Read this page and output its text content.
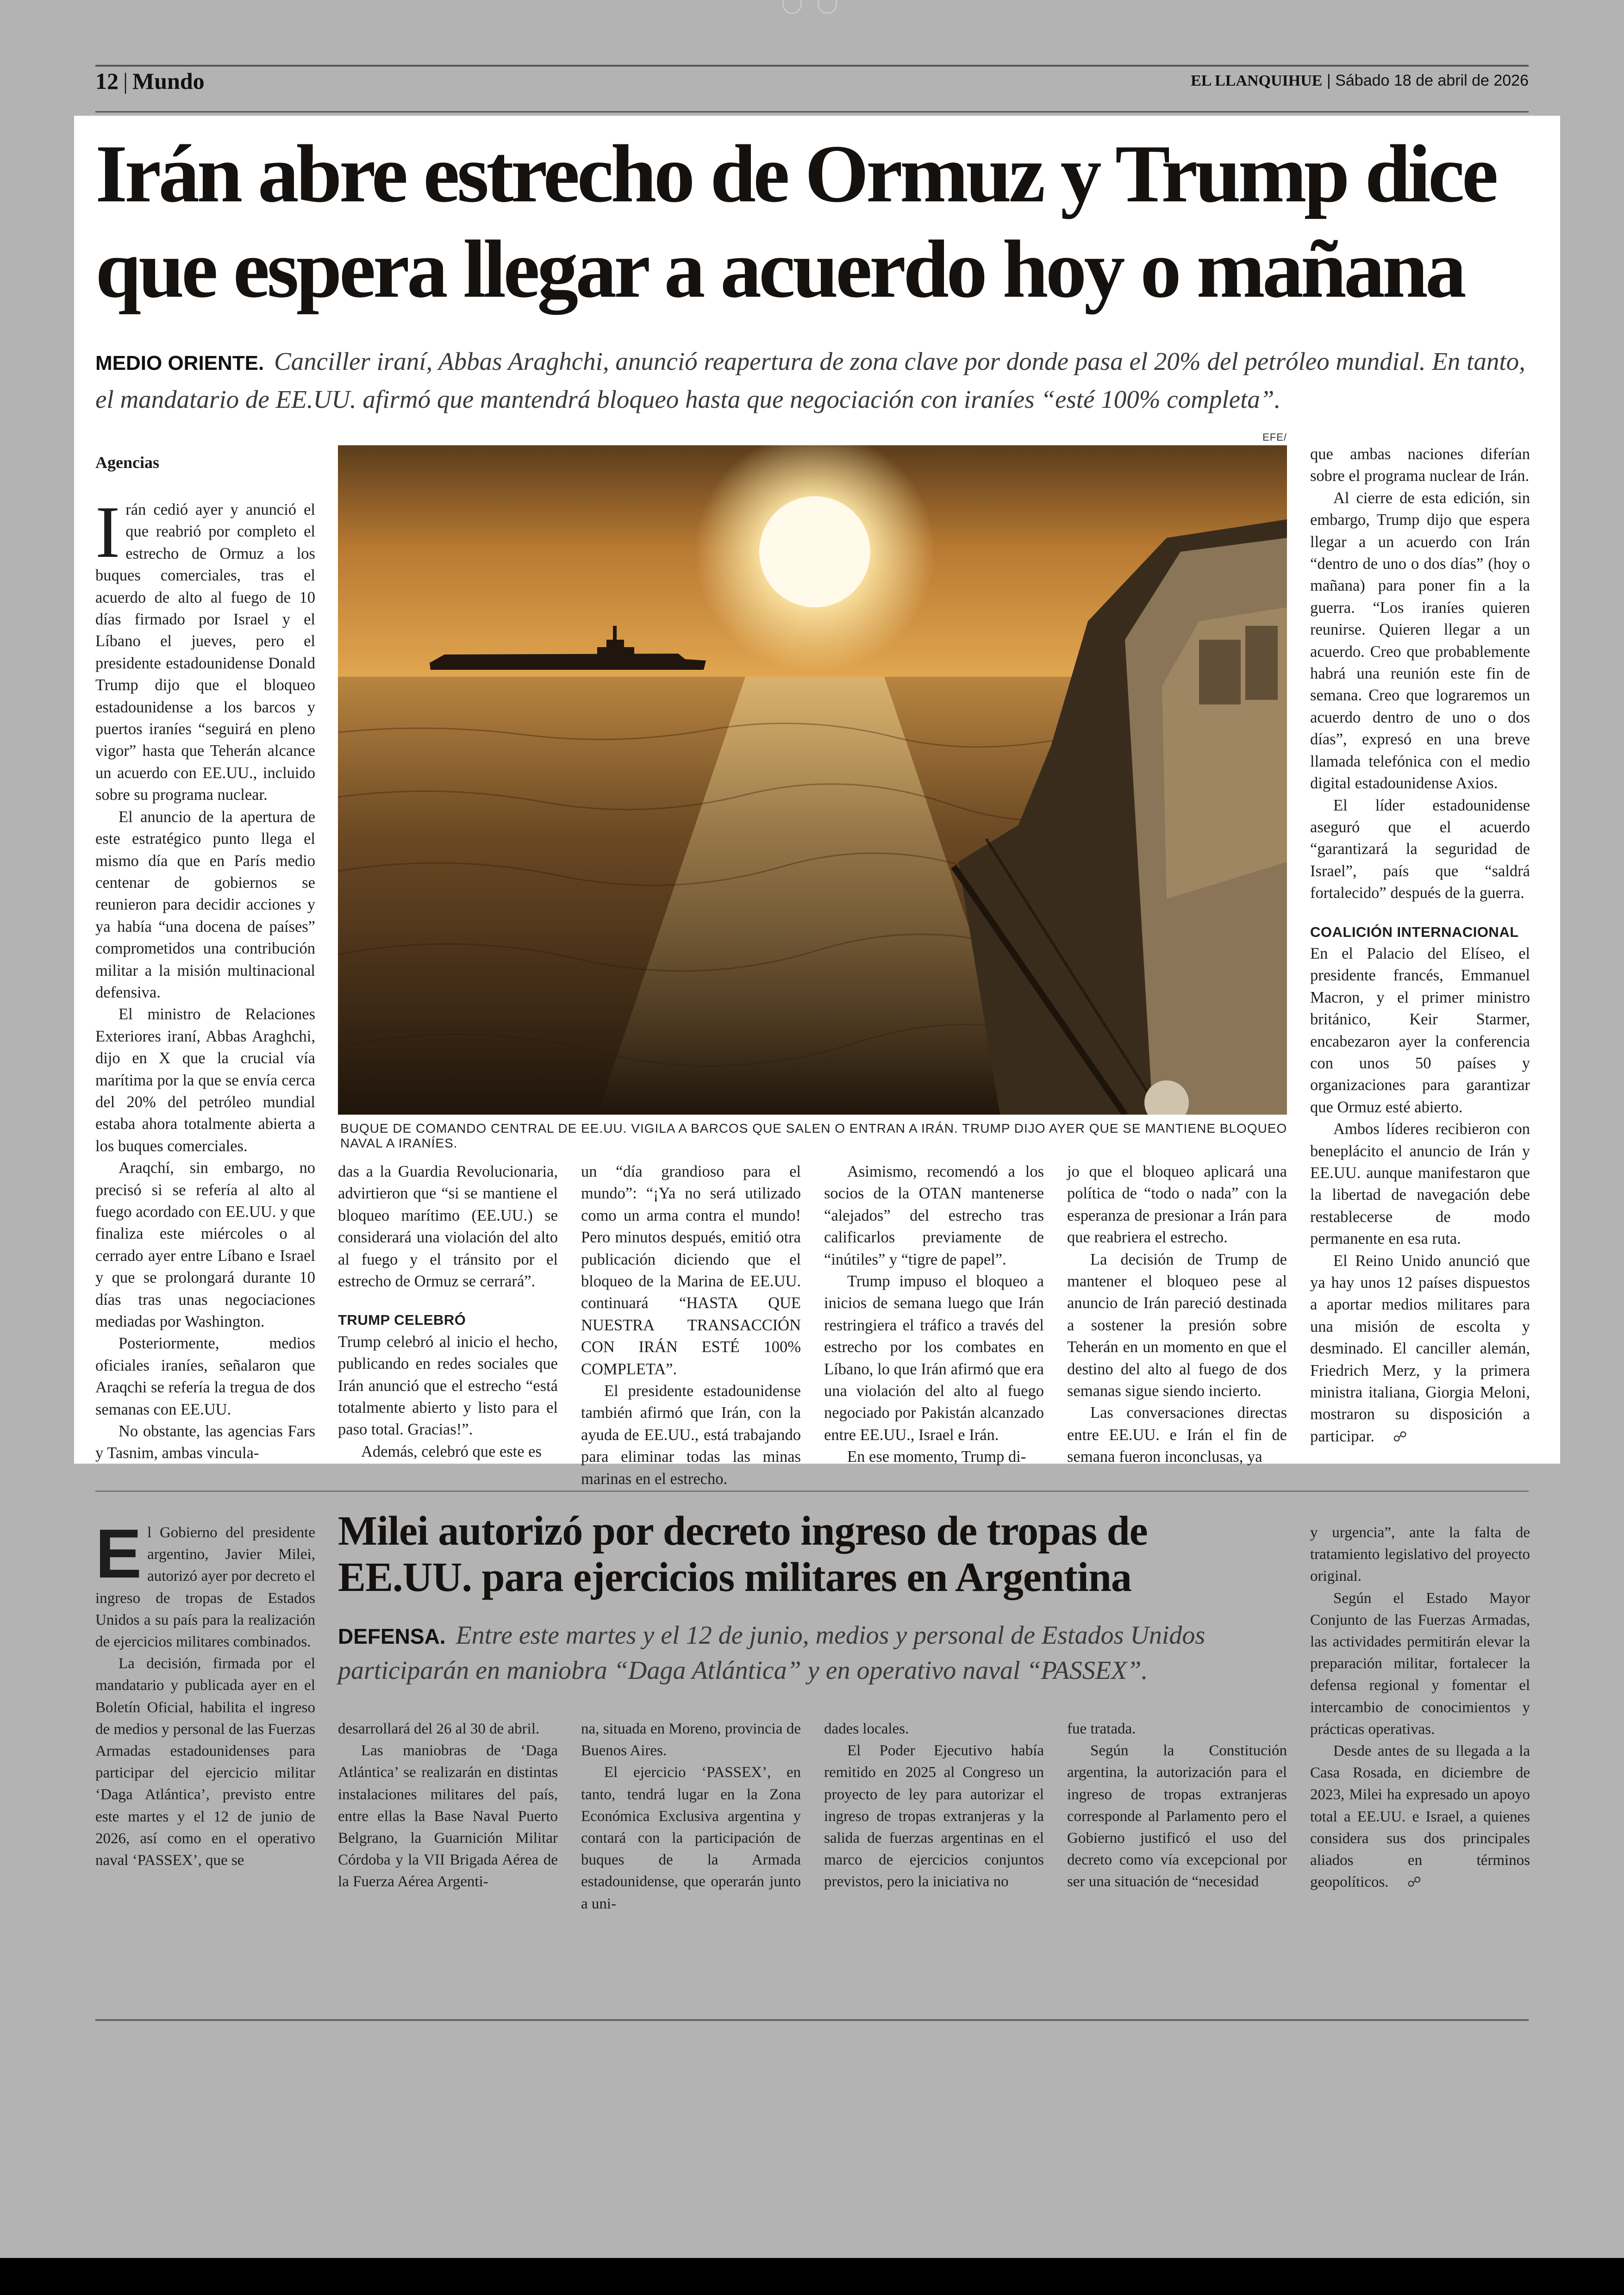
12 | Mundo	EL LLANQUIHUE | Sábado 18 de abril de 2026
Irán abre estrecho de Ormuz y Trump dice que espera llegar a acuerdo hoy o mañana
MEDIO ORIENTE. Canciller iraní, Abbas Araghchi, anunció reapertura de zona clave por donde pasa el 20% del petróleo mundial. En tanto, el mandatario de EE.UU. afirmó que mantendrá bloqueo hasta que negociación con iraníes “esté 100% completa”.
EFE/
BUQUE DE COMANDO CENTRAL DE EE.UU. VIGILA A BARCOS QUE SALEN O ENTRAN A IRÁN. TRUMP DIJO AYER QUE SE MANTIENE BLOQUEO NAVAL A IRANÍES.
Agencias

Irán cedió ayer y anunció el que reabrió por completo el estrecho de Ormuz a los buques comerciales, tras el acuerdo de alto al fuego de 10 días firmado por Israel y el Líbano el jueves, pero el presidente estadounidense Donald Trump dijo que el bloqueo estadounidense a los barcos y puertos iraníes “seguirá en pleno vigor” hasta que Teherán alcance un acuerdo con EE.UU., incluido sobre su programa nuclear.

El anuncio de la apertura de este estratégico punto llega el mismo día que en París medio centenar de gobiernos se reunieron para decidir acciones y ya había “una docena de países” comprometidos una contribución militar a la misión multinacional defensiva.

El ministro de Relaciones Exteriores iraní, Abbas Araghchi, dijo en X que la crucial vía marítima por la que se envía cerca del 20% del petróleo mundial estaba ahora totalmente abierta a los buques comerciales.

Araqchí, sin embargo, no precisó si se refería al alto al fuego acordado con EE.UU. y que finaliza este miércoles o al cerrado ayer entre Líbano e Israel y que se prolongará durante 10 días tras unas negociaciones mediadas por Washington.

Posteriormente, medios oficiales iraníes, señalaron que Araqchi se refería la tregua de dos semanas con EE.UU.

No obstante, las agencias Fars y Tasnim, ambas vincula-

das a la Guardia Revolucionaria, advirtieron que “si se mantiene el bloqueo marítimo (EE.UU.) se considerará una violación del alto al fuego y el tránsito por el estrecho de Ormuz se cerrará”.

TRUMP CELEBRÓ

Trump celebró al inicio el hecho, publicando en redes sociales que Irán anunció que el estrecho “está totalmente abierto y listo para el paso total. Gracias!”.

Además, celebró que este es

un “día grandioso para el mundo”: “¡Ya no será utilizado como un arma contra el mundo! Pero minutos después, emitió otra publicación diciendo que el bloqueo de la Marina de EE.UU. continuará “HASTA QUE NUESTRA TRANSACCIÓN CON IRÁN ESTÉ 100% COMPLETA”.

El presidente estadounidense también afirmó que Irán, con la ayuda de EE.UU., está trabajando para eliminar todas las minas marinas en el estrecho.

Asimismo, recomendó a los socios de la OTAN mantenerse “alejados” del estrecho tras calificarlos previamente de “inútiles” y “tigre de papel”.

Trump impuso el bloqueo a inicios de semana luego que Irán restringiera el tráfico a través del estrecho por los combates en Líbano, lo que Irán afirmó que era una violación del alto al fuego negociado por Pakistán alcanzado entre EE.UU., Israel e Irán.

En ese momento, Trump di-

jo que el bloqueo aplicará una política de “todo o nada” con la esperanza de presionar a Irán para que reabriera el estrecho.

La decisión de Trump de mantener el bloqueo pese al anuncio de Irán pareció destinada a sostener la presión sobre Teherán en un momento en que el destino del alto al fuego de dos semanas sigue siendo incierto.

Las conversaciones directas entre EE.UU. e Irán el fin de semana fueron inconclusas, ya

que ambas naciones diferían sobre el programa nuclear de Irán.

Al cierre de esta edición, sin embargo, Trump dijo que espera llegar a un acuerdo con Irán “dentro de uno o dos días” (hoy o mañana) para poner fin a la guerra. “Los iraníes quieren reunirse. Quieren llegar a un acuerdo. Creo que probablemente habrá una reunión este fin de semana. Creo que lograremos un acuerdo dentro de uno o dos días”, expresó en una breve llamada telefónica con el medio digital estadounidense Axios.

El líder estadounidense aseguró que el acuerdo “garantizará la seguridad de Israel”, país que “saldrá fortalecido” después de la guerra.

COALICIÓN INTERNACIONAL

En el Palacio del Elíseo, el presidente francés, Emmanuel Macron, y el primer ministro británico, Keir Starmer, encabezaron ayer la conferencia con unos 50 países y organizaciones para garantizar que Ormuz esté abierto.

Ambos líderes recibieron con beneplácito el anuncio de Irán y EE.UU. aunque manifestaron que la libertad de navegación debe restablecerse de modo permanente en esa ruta.

El Reino Unido anunció que ya hay unos 12 países dispuestos a aportar medios militares para una misión de escolta y desminado. El canciller alemán, Friedrich Merz, y la primera ministra italiana, Giorgia Meloni, mostraron su disposición a participar. ☍

Milei autorizó por decreto ingreso de tropas de EE.UU. para ejercicios militares en Argentina
DEFENSA. Entre este martes y el 12 de junio, medios y personal de Estados Unidos participarán en maniobra “Daga Atlántica” y en operativo naval “PASSEX”.

El Gobierno del presidente argentino, Javier Milei, autorizó ayer por decreto el ingreso de tropas de Estados Unidos a su país para la realización de ejercicios militares combinados.

La decisión, firmada por el mandatario y publicada ayer en el Boletín Oficial, habilita el ingreso de medios y personal de las Fuerzas Armadas estadounidenses para participar del ejercicio militar ‘Daga Atlántica’, previsto entre este martes y el 12 de junio de 2026, así como en el operativo naval ‘PASSEX’, que se

desarrollará del 26 al 30 de abril.

Las maniobras de ‘Daga Atlántica’ se realizarán en distintas instalaciones militares del país, entre ellas la Base Naval Puerto Belgrano, la Guarnición Militar Córdoba y la VII Brigada Aérea de la Fuerza Aérea Argenti-

na, situada en Moreno, provincia de Buenos Aires.

El ejercicio ‘PASSEX’, en tanto, tendrá lugar en la Zona Económica Exclusiva argentina y contará con la participación de buques de la Armada estadounidense, que operarán junto a uni-

dades locales.

El Poder Ejecutivo había remitido en 2025 al Congreso un proyecto de ley para autorizar el ingreso de tropas extranjeras y la salida de fuerzas argentinas en el marco de ejercicios conjuntos previstos, pero la iniciativa no

fue tratada.

Según la Constitución argentina, la autorización para el ingreso de tropas extranjeras corresponde al Parlamento pero el Gobierno justificó el uso del decreto como vía excepcional por ser una situación de “necesidad

y urgencia”, ante la falta de tratamiento legislativo del proyecto original.

Según el Estado Mayor Conjunto de las Fuerzas Armadas, las actividades permitirán elevar la preparación militar, fortalecer la defensa regional y fomentar el intercambio de conocimientos y prácticas operativas.

Desde antes de su llegada a la Casa Rosada, en diciembre de 2023, Milei ha expresado un apoyo total a EE.UU. e Israel, a quienes considera sus dos principales aliados en términos geopolíticos. ☍
